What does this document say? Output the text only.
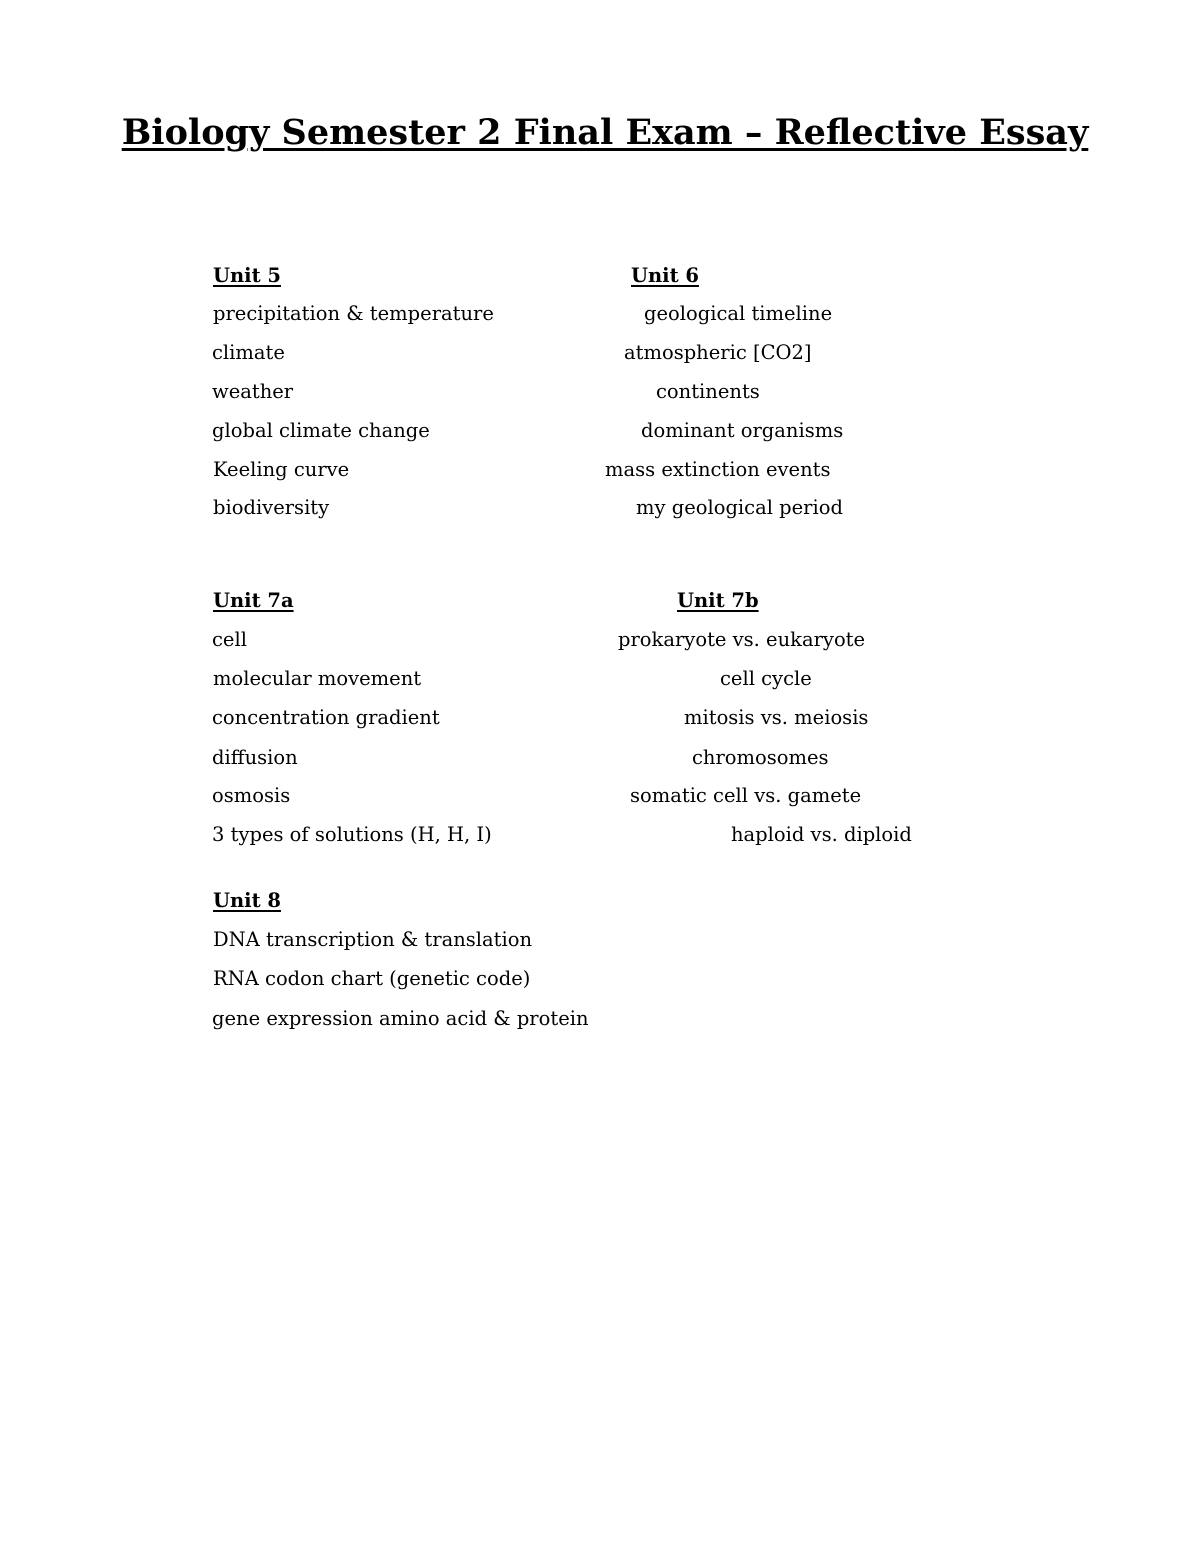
Biology Semester 2 Final Exam – Reflective Essay

Unit 5

precipitation & temperature

climate

weather

global climate change

Keeling curve

biodiversity

Unit 6

geological timeline

atmospheric [CO2]

continents

dominant organisms

mass extinction events

my geological period

Unit 7a

cell

molecular movement

concentration gradient

diffusion

osmosis

3 types of solutions (H, H, I)

Unit 7b

prokaryote vs. eukaryote

cell cycle

mitosis vs. meiosis

chromosomes

somatic cell vs. gamete

haploid vs. diploid

Unit 8

DNA transcription & translation

RNA codon chart (genetic code)

gene expression amino acid & protein
